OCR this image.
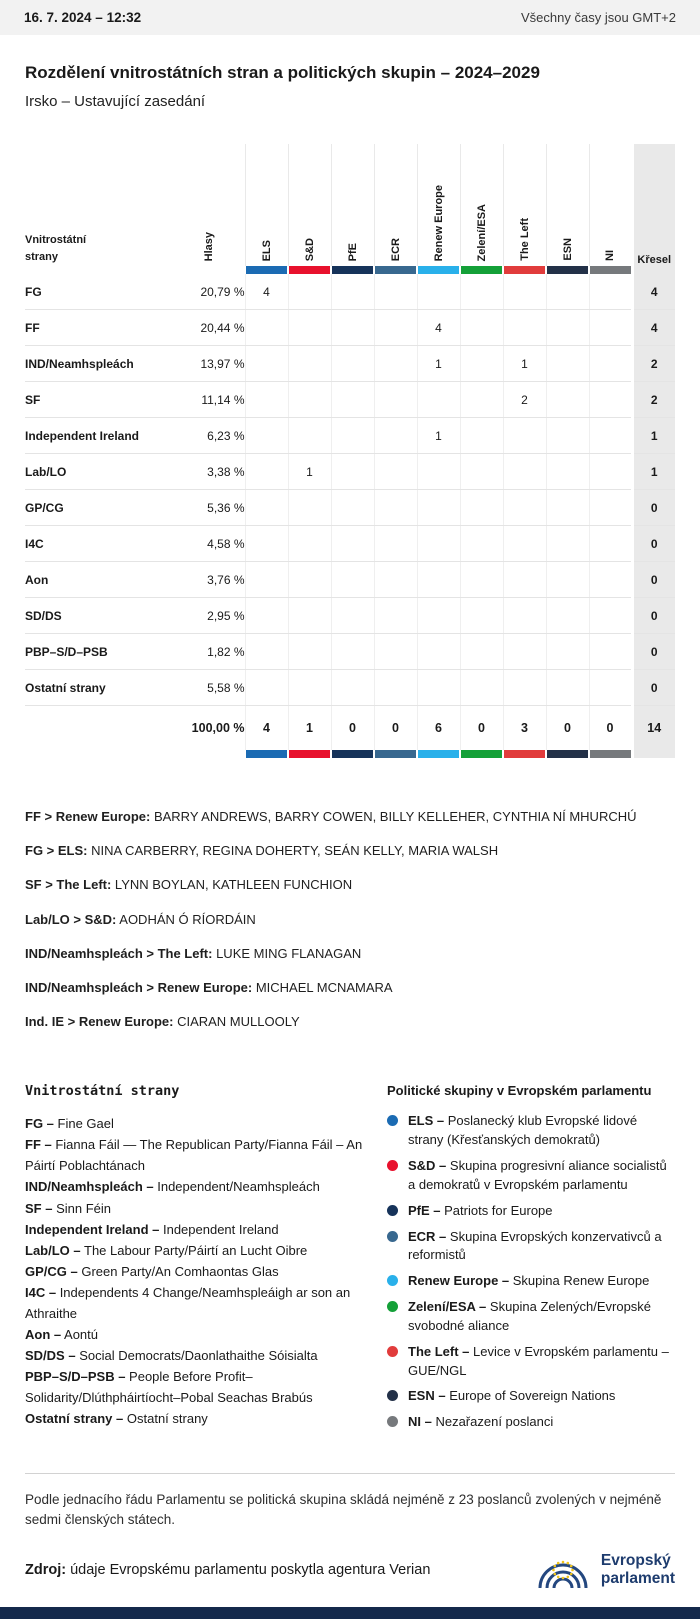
16. 7. 2024 – 12:32	Všechny časy jsou GMT+2
Rozdělení vnitrostátních stran a politických skupin – 2024–2029
Irsko – Ustavující zasedání
Vnitrostátní strany	Hlasy	ELS	S&D	PfE	ECR	Renew Europe	Zelení/ESA	The Left	ESN	NI	Křesel

FG	20,79 %	4									4
FF	20,44 %					4					4
IND/Neamhspleách	13,97 %					1		1			2
SF	11,14 %							2			2
Independent Ireland	6,23 %					1					1
Lab/LO	3,38 %		1								1
GP/CG	5,36 %										0
I4C	4,58 %										0
Aon	3,76 %										0
SD/DS	2,95 %										0
PBP–S/D–PSB	1,82 %										0
Ostatní strany	5,58 %										0
	100,00 %	4	1	0	0	6	0	3	0	0	14

FF > Renew Europe: BARRY ANDREWS, BARRY COWEN, BILLY KELLEHER, CYNTHIA NÍ MHURCHÚ

FG > ELS: NINA CARBERRY, REGINA DOHERTY, SEÁN KELLY, MARIA WALSH

SF > The Left: LYNN BOYLAN, KATHLEEN FUNCHION

Lab/LO > S&D: AODHÁN Ó RÍORDÁIN

IND/Neamhspleách > The Left: LUKE MING FLANAGAN

IND/Neamhspleách > Renew Europe: MICHAEL MCNAMARA

Ind. IE > Renew Europe: CIARAN MULLOOLY

Vnitrostátní strany

FG – Fine Gael

FF – Fianna Fáil — The Republican Party/Fianna Fáil – An Páirtí Poblachtánach

IND/Neamhspleách – Independent/Neamhspleách

SF – Sinn Féin

Independent Ireland – Independent Ireland

Lab/LO – The Labour Party/Páirtí an Lucht Oibre

GP/CG – Green Party/An Comhaontas Glas

I4C – Independents 4 Change/Neamhspleáigh ar son an Athraithe

Aon – Aontú

SD/DS – Social Democrats/Daonlathaithe Sóisialta

PBP–S/D–PSB – People Before Profit–Solidarity/Dlúthpháirtíocht–Pobal Seachas Brabús

Ostatní strany – Ostatní strany

Politické skupiny v Evropském parlamentu

ELS – Poslanecký klub Evropské lidové strany (Křesťanských demokratů)
S&D – Skupina progresivní aliance socialistů a demokratů v Evropském parlamentu
PfE – Patriots for Europe
ECR – Skupina Evropských konzervativců a reformistů
Renew Europe – Skupina Renew Europe
Zelení/ESA – Skupina Zelených/Evropské svobodné aliance
The Left – Levice v Evropském parlamentu – GUE/NGL
ESN – Europe of Sovereign Nations
NI – Nezařazení poslanci
Podle jednacího řádu Parlamentu se politická skupina skládá nejméně z 23 poslanců zvolených v nejméně sedmi členských státech.
Zdroj: údaje Evropskému parlamentu poskytla agentura Verian
Evropský
parlament
